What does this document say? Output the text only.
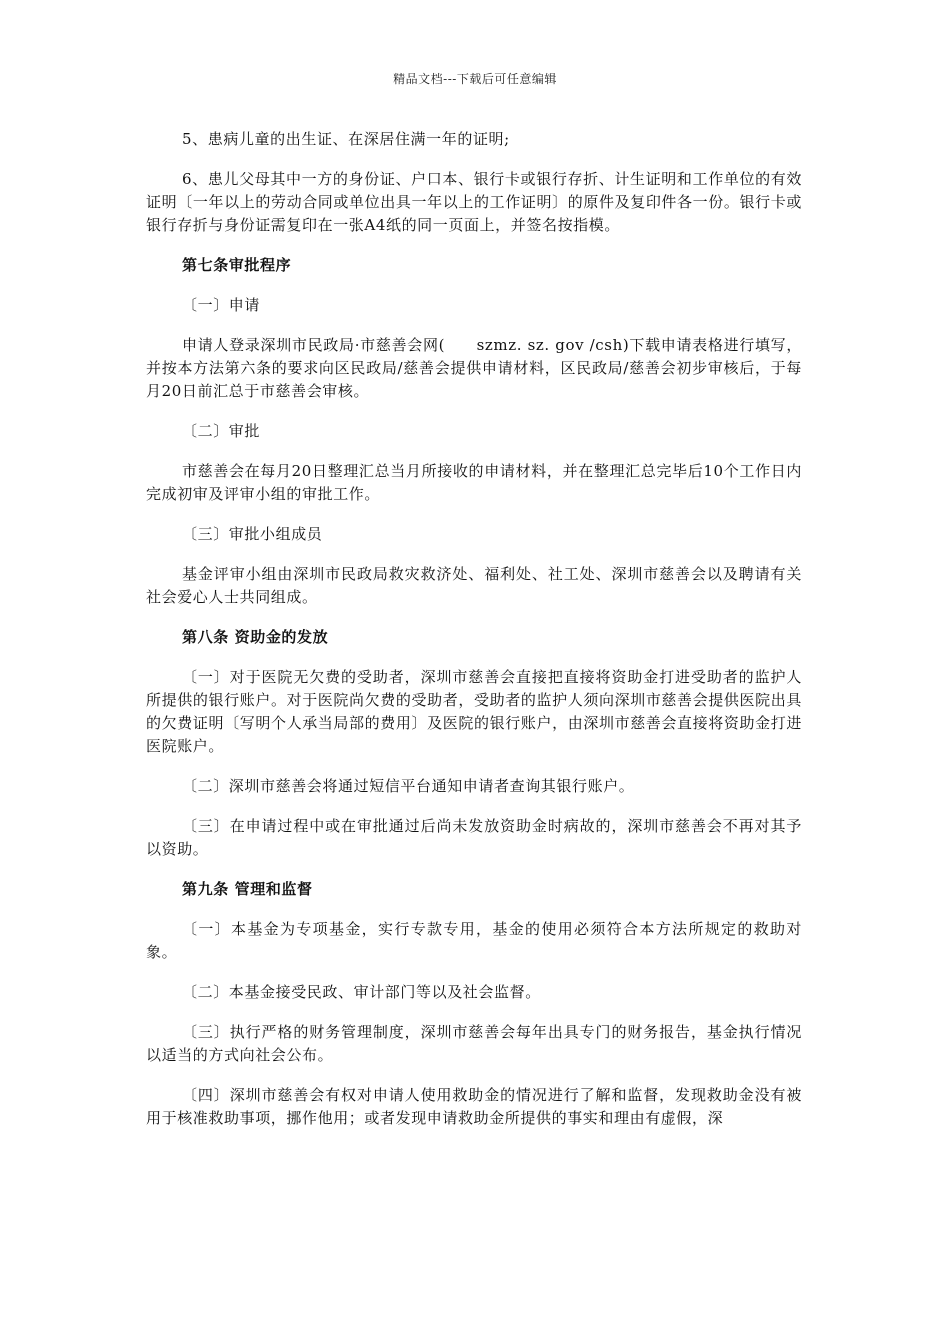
精品文档---下载后可任意编辑

5、患病儿童的出生证、在深居住满一年的证明;

6、患儿父母其中一方的身份证、户口本、银行卡或银行存折、计生证明和工作单位的有效证明〔一年以上的劳动合同或单位出具一年以上的工作证明〕的原件及复印件各一份。银行卡或银行存折与身份证需复印在一张A4纸的同一页面上，并签名按指模。

第七条审批程序

〔一〕申请

申请人登录深圳市民政局·市慈善会网(　　szmz. sz. gov /csh)下载申请表格进行填写，并按本方法第六条的要求向区民政局/慈善会提供申请材料，区民政局/慈善会初步审核后，于每月20日前汇总于市慈善会审核。

〔二〕审批

市慈善会在每月20日整理汇总当月所接收的申请材料，并在整理汇总完毕后10个工作日内完成初审及评审小组的审批工作。

〔三〕审批小组成员

基金评审小组由深圳市民政局救灾救济处、福利处、社工处、深圳市慈善会以及聘请有关社会爱心人士共同组成。

第八条 资助金的发放

〔一〕对于医院无欠费的受助者，深圳市慈善会直接把直接将资助金打进受助者的监护人所提供的银行账户。对于医院尚欠费的受助者，受助者的监护人须向深圳市慈善会提供医院出具的欠费证明〔写明个人承当局部的费用〕及医院的银行账户，由深圳市慈善会直接将资助金打进医院账户。

〔二〕深圳市慈善会将通过短信平台通知申请者查询其银行账户。

〔三〕在申请过程中或在审批通过后尚未发放资助金时病故的，深圳市慈善会不再对其予以资助。

第九条 管理和监督

〔一〕本基金为专项基金，实行专款专用，基金的使用必须符合本方法所规定的救助对象。

〔二〕本基金接受民政、审计部门等以及社会监督。

〔三〕执行严格的财务管理制度，深圳市慈善会每年出具专门的财务报告，基金执行情况以适当的方式向社会公布。

〔四〕深圳市慈善会有权对申请人使用救助金的情况进行了解和监督，发现救助金没有被用于核准救助事项，挪作他用；或者发现申请救助金所提供的事实和理由有虚假，深
